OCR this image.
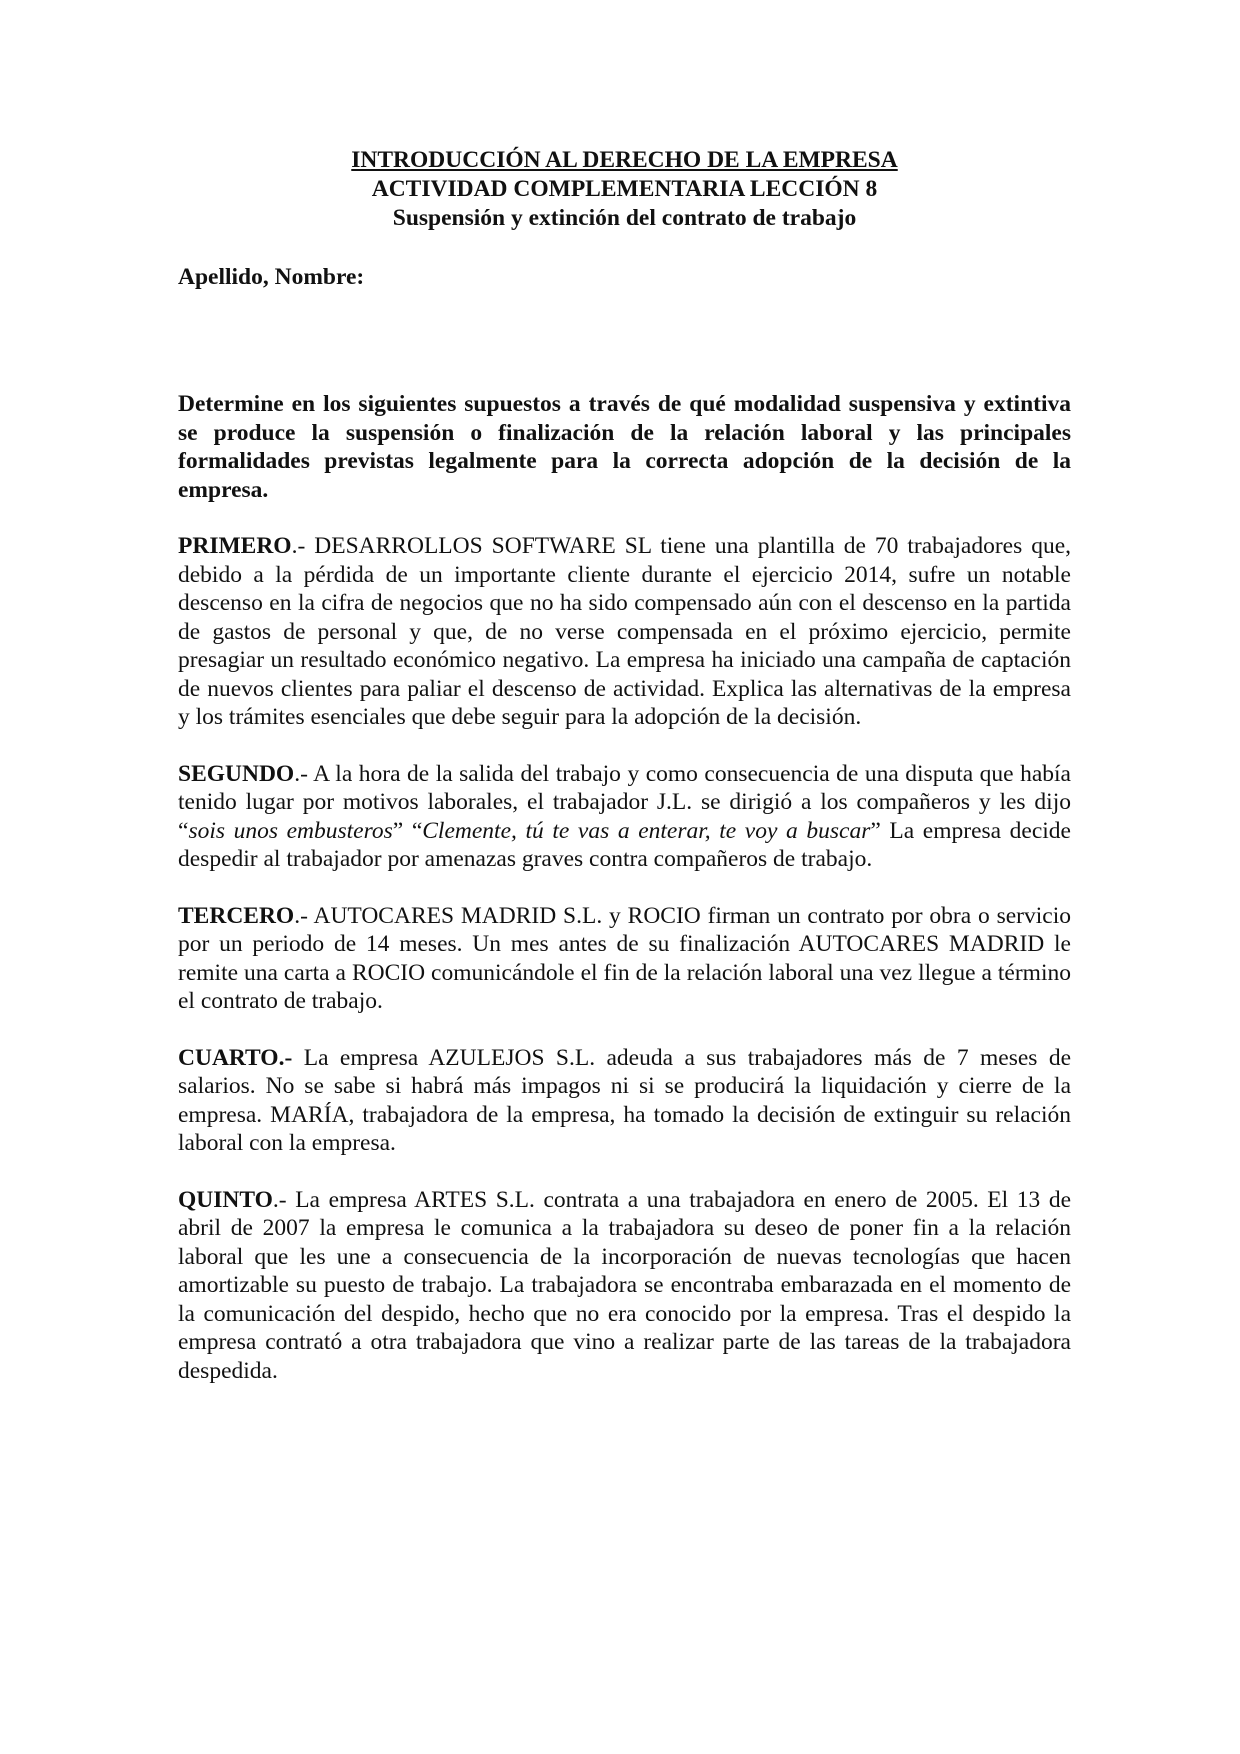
INTRODUCCIÓN AL DERECHO DE LA EMPRESA
ACTIVIDAD COMPLEMENTARIA LECCIÓN 8
Suspensión y extinción del contrato de trabajo
Apellido, Nombre:
Determine en los siguientes supuestos a través de qué modalidad suspensiva y extintiva se produce la suspensión o finalización de la relación laboral y las principales formalidades previstas legalmente para la correcta adopción de la decisión de la empresa.
PRIMERO.- DESARROLLOS SOFTWARE SL tiene una plantilla de 70 trabajadores que, debido a la pérdida de un importante cliente durante el ejercicio 2014, sufre un notable descenso en la cifra de negocios que no ha sido compensado aún con el descenso en la partida de gastos de personal y que, de no verse compensada en el próximo ejercicio, permite presagiar un resultado económico negativo. La empresa ha iniciado una campaña de captación de nuevos clientes para paliar el descenso de actividad. Explica las alternativas de la empresa y los trámites esenciales que debe seguir para la adopción de la decisión.
SEGUNDO.- A la hora de la salida del trabajo y como consecuencia de una disputa que había tenido lugar por motivos laborales, el trabajador J.L. se dirigió a los compañeros y les dijo “sois unos embusteros” “Clemente, tú te vas a enterar, te voy a buscar” La empresa decide despedir al trabajador por amenazas graves contra compañeros de trabajo.
TERCERO.- AUTOCARES MADRID S.L. y ROCIO firman un contrato por obra o servicio por un periodo de 14 meses. Un mes antes de su finalización AUTOCARES MADRID le remite una carta a ROCIO comunicándole el fin de la relación laboral una vez llegue a término el contrato de trabajo.
CUARTO.- La empresa AZULEJOS S.L. adeuda a sus trabajadores más de 7 meses de salarios. No se sabe si habrá más impagos ni si se producirá la liquidación y cierre de la empresa. MARÍA, trabajadora de la empresa, ha tomado la decisión de extinguir su relación laboral con la empresa.
QUINTO.- La empresa ARTES S.L. contrata a una trabajadora en enero de 2005. El 13 de abril de 2007 la empresa le comunica a la trabajadora su deseo de poner fin a la relación laboral que les une a consecuencia de la incorporación de nuevas tecnologías que hacen amortizable su puesto de trabajo. La trabajadora se encontraba embarazada en el momento de la comunicación del despido, hecho que no era conocido por la empresa. Tras el despido la empresa contrató a otra trabajadora que vino a realizar parte de las tareas de la trabajadora despedida.
